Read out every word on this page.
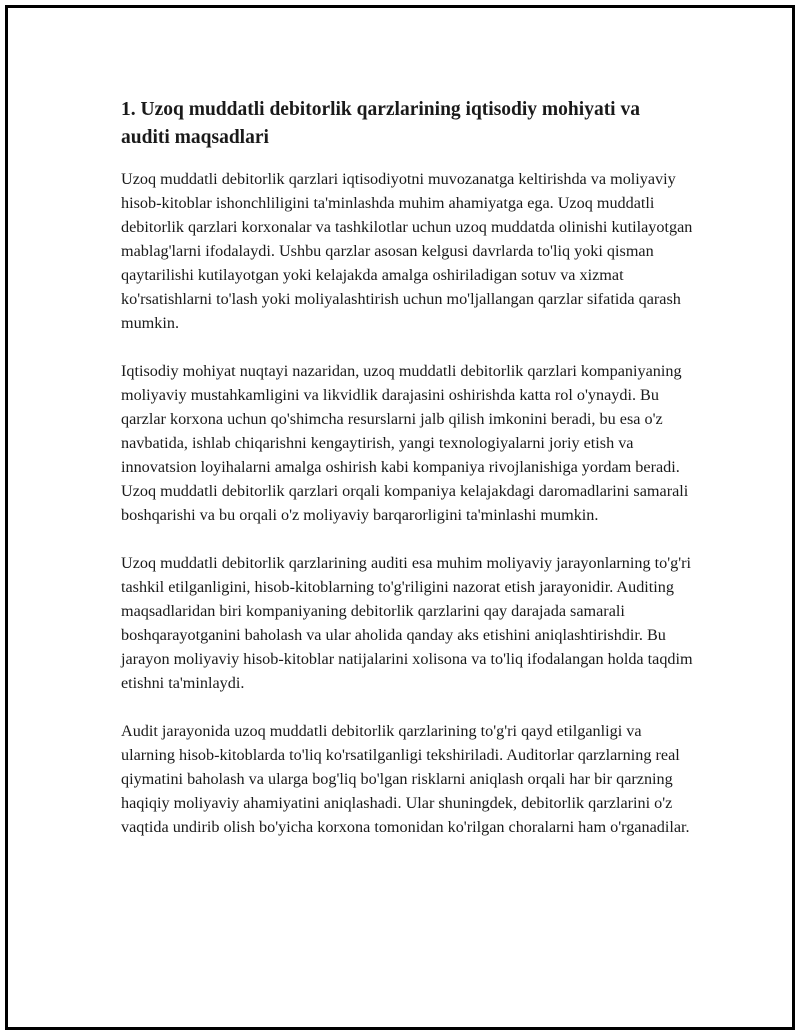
1. Uzoq muddatli debitorlik qarzlarining iqtisodiy mohiyati va auditi maqsadlari

Uzoq muddatli debitorlik qarzlari iqtisodiyotni muvozanatga keltirishda va moliyaviy hisob-kitoblar ishonchliligini ta'minlashda muhim ahamiyatga ega. Uzoq muddatli debitorlik qarzlari korxonalar va tashkilotlar uchun uzoq muddatda olinishi kutilayotgan mablag'larni ifodalaydi. Ushbu qarzlar asosan kelgusi davrlarda to'liq yoki qisman qaytarilishi kutilayotgan yoki kelajakda amalga oshiriladigan sotuv va xizmat ko'rsatishlarni to'lash yoki moliyalashtirish uchun mo'ljallangan qarzlar sifatida qarash mumkin.

Iqtisodiy mohiyat nuqtayi nazaridan, uzoq muddatli debitorlik qarzlari kompaniyaning moliyaviy mustahkamligini va likvidlik darajasini oshirishda katta rol o'ynaydi. Bu qarzlar korxona uchun qo'shimcha resurslarni jalb qilish imkonini beradi, bu esa o'z navbatida, ishlab chiqarishni kengaytirish, yangi texnologiyalarni joriy etish va innovatsion loyihalarni amalga oshirish kabi kompaniya rivojlanishiga yordam beradi. Uzoq muddatli debitorlik qarzlari orqali kompaniya kelajakdagi daromadlarini samarali boshqarishi va bu orqali o'z moliyaviy barqarorligini ta'minlashi mumkin.

Uzoq muddatli debitorlik qarzlarining auditi esa muhim moliyaviy jarayonlarning to'g'ri tashkil etilganligini, hisob-kitoblarning to'g'riligini nazorat etish jarayonidir. Auditing maqsadlaridan biri kompaniyaning debitorlik qarzlarini qay darajada samarali boshqarayotganini baholash va ular aholida qanday aks etishini aniqlashtirishdir. Bu jarayon moliyaviy hisob-kitoblar natijalarini xolisona va to'liq ifodalangan holda taqdim etishni ta'minlaydi.

Audit jarayonida uzoq muddatli debitorlik qarzlarining to'g'ri qayd etilganligi va ularning hisob-kitoblarda to'liq ko'rsatilganligi tekshiriladi. Auditorlar qarzlarning real qiymatini baholash va ularga bog'liq bo'lgan risklarni aniqlash orqali har bir qarzning haqiqiy moliyaviy ahamiyatini aniqlashadi. Ular shuningdek, debitorlik qarzlarini o'z vaqtida undirib olish bo'yicha korxona tomonidan ko'rilgan choralarni ham o'rganadilar.
